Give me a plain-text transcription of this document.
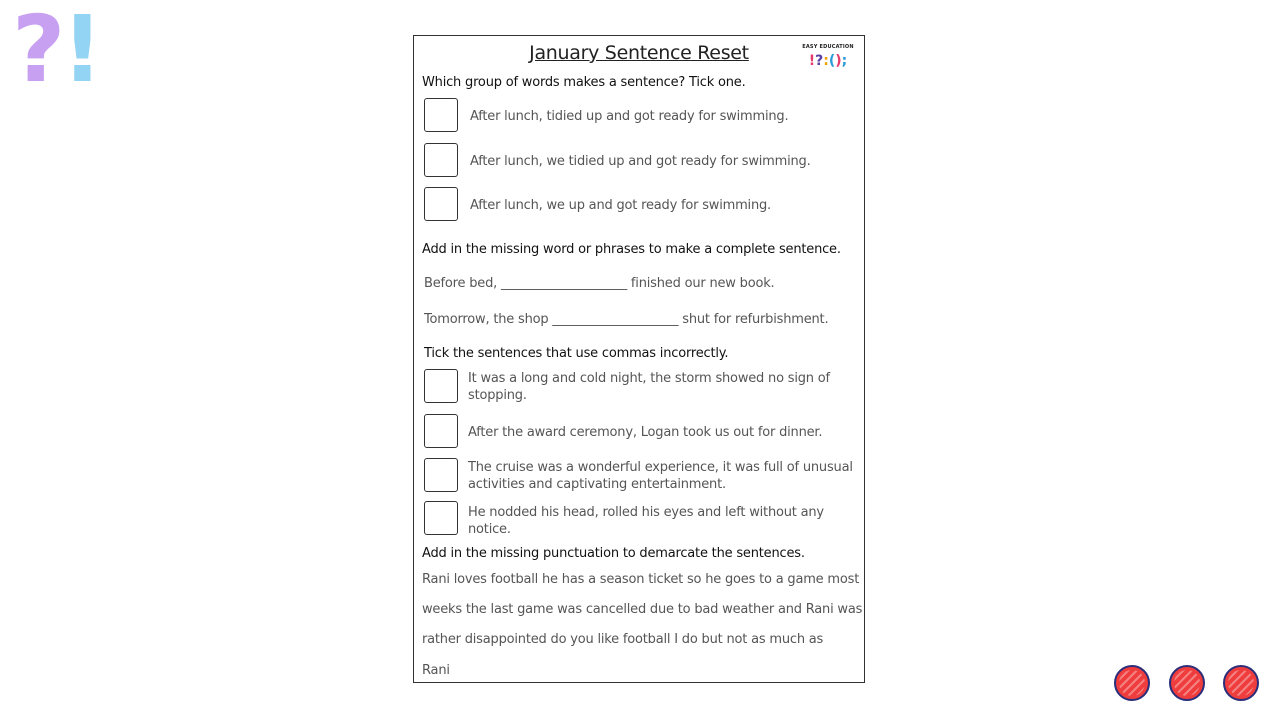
?!	January Sentence Reset	EASY EDUCATION
!?:();
Which group of words makes a sentence? Tick one.
After lunch, tidied up and got ready for swimming.
After lunch, we tidied up and got ready for swimming.
After lunch, we up and got ready for swimming.
Add in the missing word or phrases to make a complete sentence.
Before bed, ____________________ finished our new book.
Tomorrow, the shop ____________________ shut for refurbishment.
Tick the sentences that use commas incorrectly.
It was a long and cold night, the storm showed no sign of
stopping.
After the award ceremony, Logan took us out for dinner.
The cruise was a wonderful experience, it was full of unusual
activities and captivating entertainment.
He nodded his head, rolled his eyes and left without any
notice.
Add in the missing punctuation to demarcate the sentences.
Rani loves football he has a season ticket so he goes to a game most
weeks the last game was cancelled due to bad weather and Rani was
rather disappointed do you like football I do but not as much as
Rani
